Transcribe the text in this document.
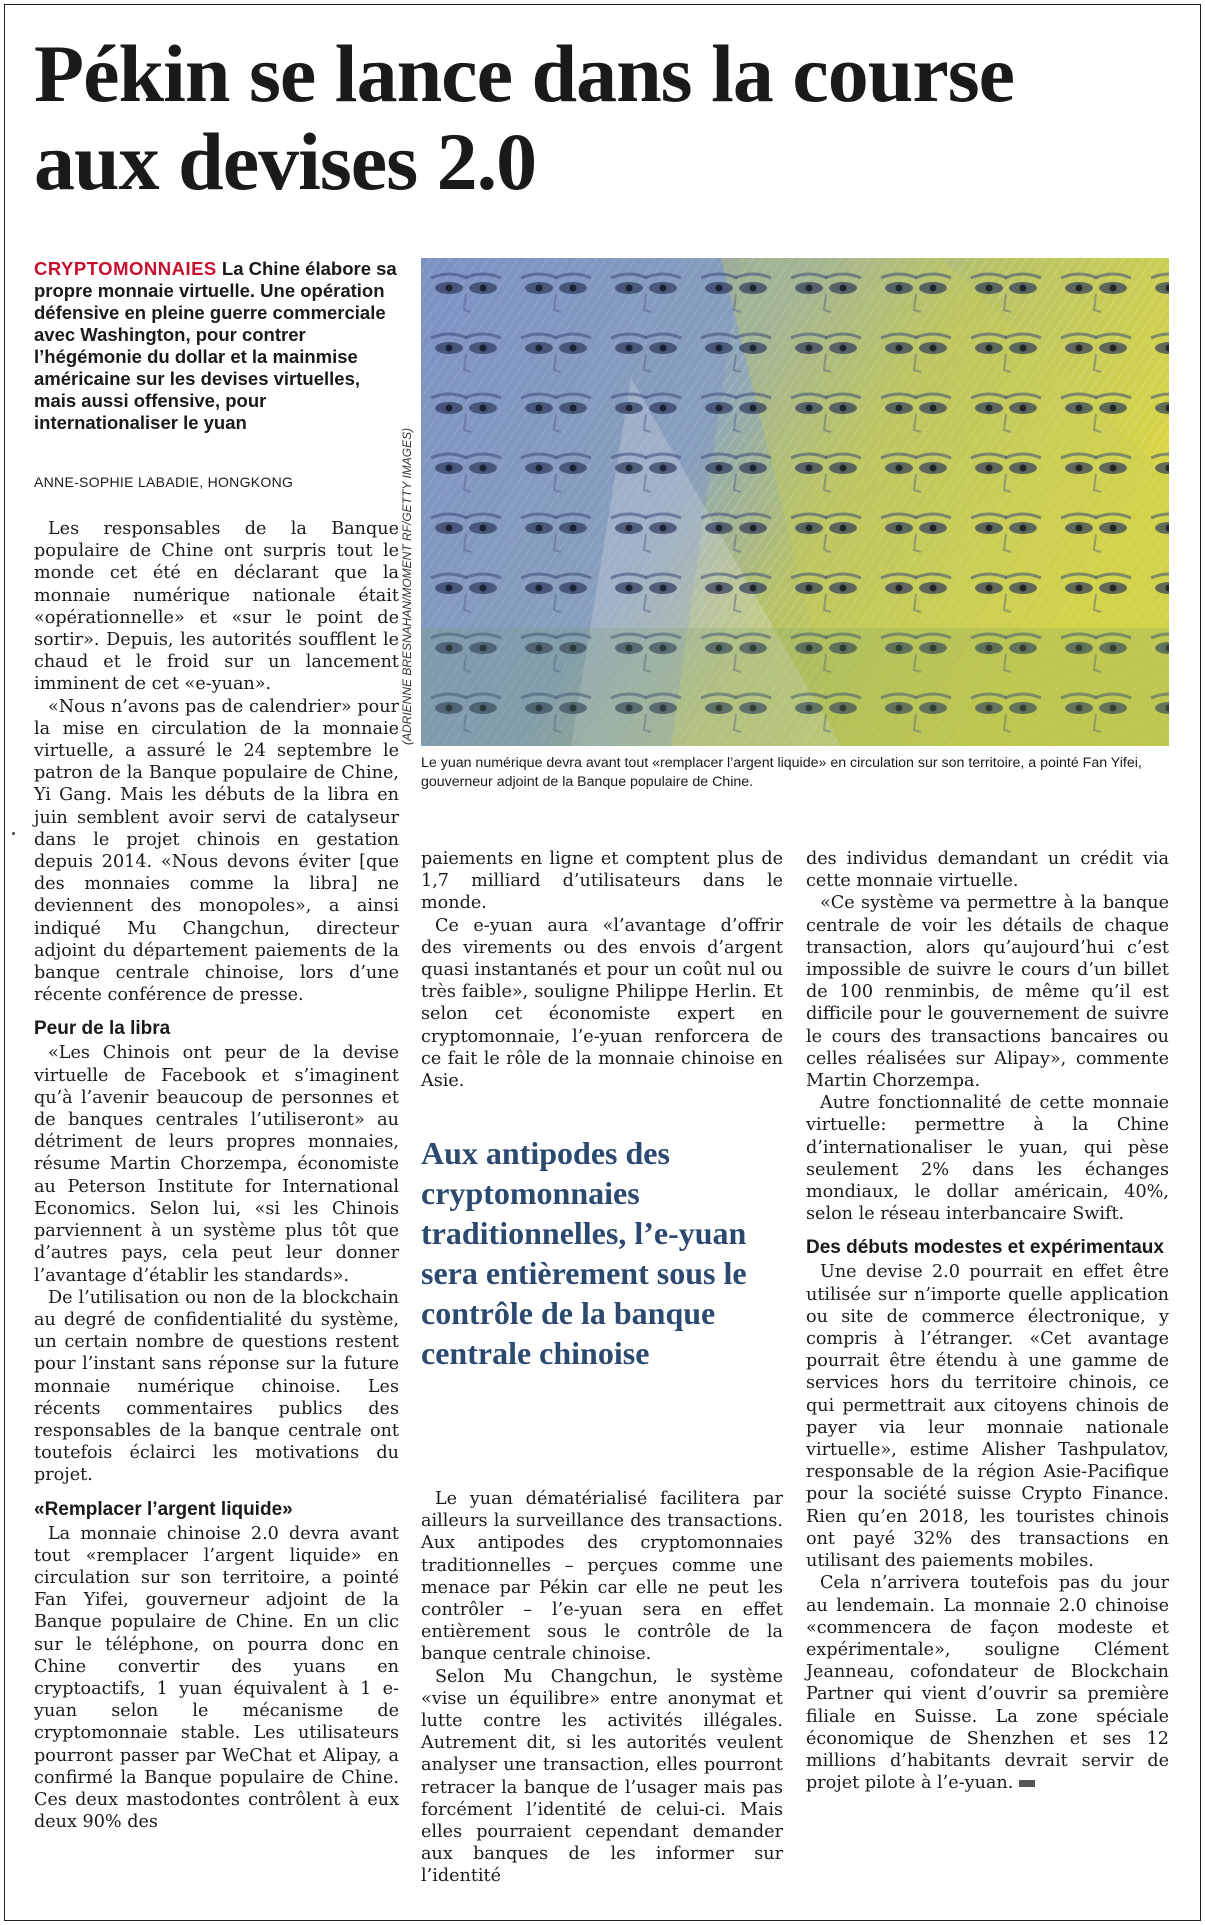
Pékin se lance dans la course
aux devises 2.0
CRYPTOMONNAIES La Chine élabore sa propre monnaie virtuelle. Une opération défensive en pleine guerre commerciale avec Washington, pour contrer l’hégémonie du dollar et la mainmise américaine sur les devises virtuelles, mais aussi offensive, pour internationaliser le yuan
ANNE-SOPHIE LABADIE, HONGKONG	(ADRIENNE BRESNAHAN/MOMENT RF/GETTY IMAGES)
Le yuan numérique devra avant tout «remplacer l’argent liquide» en circulation sur son territoire, a pointé Fan Yifei, gouverneur adjoint de la Banque populaire de Chine.

Les responsables de la Banque populaire de Chine ont surpris tout le monde cet été en déclarant que la monnaie numérique nationale était «opérationnelle» et «sur le point de sortir». Depuis, les autorités soufflent le chaud et le froid sur un lancement imminent de cet «e-yuan».

«Nous n’avons pas de calendrier» pour la mise en circulation de la monnaie virtuelle, a assuré le 24 septembre le patron de la Banque populaire de Chine, Yi Gang. Mais les débuts de la libra en juin semblent avoir servi de catalyseur dans le projet chinois en gestation depuis 2014. «Nous devons éviter [que des monnaies comme la libra] ne deviennent des monopoles», a ainsi indiqué Mu Changchun, directeur adjoint du département paiements de la banque centrale chinoise, lors d’une récente conférence de presse.

Peur de la libra

«Les Chinois ont peur de la devise virtuelle de Facebook et s’imaginent qu’à l’avenir beaucoup de personnes et de banques centrales l’utiliseront» au détriment de leurs propres monnaies, résume Martin Chorzempa, économiste au Peterson Institute for International Economics. Selon lui, «si les Chinois parviennent à un système plus tôt que d’autres pays, cela peut leur donner l’avantage d’établir les standards».

De l’utilisation ou non de la blockchain au degré de confidentialité du système, un certain nombre de questions restent pour l’instant sans réponse sur la future monnaie numérique chinoise. Les récents commentaires publics des responsables de la banque centrale ont toutefois éclairci les motivations du projet.

«Remplacer l’argent liquide»

La monnaie chinoise 2.0 devra avant tout «remplacer l’argent liquide» en circulation sur son territoire, a pointé Fan Yifei, gouverneur adjoint de la Banque populaire de Chine. En un clic sur le téléphone, on pourra donc en Chine convertir des yuans en cryptoactifs, 1 yuan équivalent à 1 e-yuan selon le mécanisme de cryptomonnaie stable. Les utilisateurs pourront passer par WeChat et Alipay, a confirmé la Banque populaire de Chine. Ces deux mastodontes contrôlent à eux deux 90% des

paiements en ligne et comptent plus de 1,7 milliard d’utilisateurs dans le monde.

Ce e-yuan aura «l’avantage d’offrir des virements ou des envois d’argent quasi instantanés et pour un coût nul ou très faible», souligne Philippe Herlin. Et selon cet économiste expert en cryptomonnaie, l’e-yuan renforcera de ce fait le rôle de la monnaie chinoise en Asie.

Aux antipodes des cryptomonnaies traditionnelles, l’e-yuan sera entièrement sous le contrôle de la banque centrale chinoise

Le yuan dématérialisé facilitera par ailleurs la surveillance des transactions. Aux antipodes des cryptomonnaies traditionnelles – perçues comme une menace par Pékin car elle ne peut les contrôler – l’e-yuan sera en effet entièrement sous le contrôle de la banque centrale chinoise.

Selon Mu Changchun, le système «vise un équilibre» entre anonymat et lutte contre les activités illégales. Autrement dit, si les autorités veulent analyser une transaction, elles pourront retracer la banque de l’usager mais pas forcément l’identité de celui-ci. Mais elles pourraient cependant demander aux banques de les informer sur l’identité

des individus demandant un crédit via cette monnaie virtuelle.

«Ce système va permettre à la banque centrale de voir les détails de chaque transaction, alors qu’aujourd’hui c’est impossible de suivre le cours d’un billet de 100 renminbis, de même qu’il est difficile pour le gouvernement de suivre le cours des transactions bancaires ou celles réalisées sur Alipay», commente Martin Chorzempa.

Autre fonctionnalité de cette monnaie virtuelle: permettre à la Chine d’internationaliser le yuan, qui pèse seulement 2% dans les échanges mondiaux, le dollar américain, 40%, selon le réseau interbancaire Swift.

Des débuts modestes et expérimentaux

Une devise 2.0 pourrait en effet être utilisée sur n’importe quelle application ou site de commerce électronique, y compris à l’étranger. «Cet avantage pourrait être étendu à une gamme de services hors du territoire chinois, ce qui permettrait aux citoyens chinois de payer via leur monnaie nationale virtuelle», estime Alisher Tashpulatov, responsable de la région Asie-Pacifique pour la société suisse Crypto Finance. Rien qu’en 2018, les touristes chinois ont payé 32% des transactions en utilisant des paiements mobiles.

Cela n’arrivera toutefois pas du jour au lendemain. La monnaie 2.0 chinoise «commencera de façon modeste et expérimentale», souligne Clément Jeanneau, cofondateur de Blockchain Partner qui vient d’ouvrir sa première filiale en Suisse. La zone spéciale économique de Shenzhen et ses 12 millions d’habitants devrait servir de projet pilote à l’e-yuan.
